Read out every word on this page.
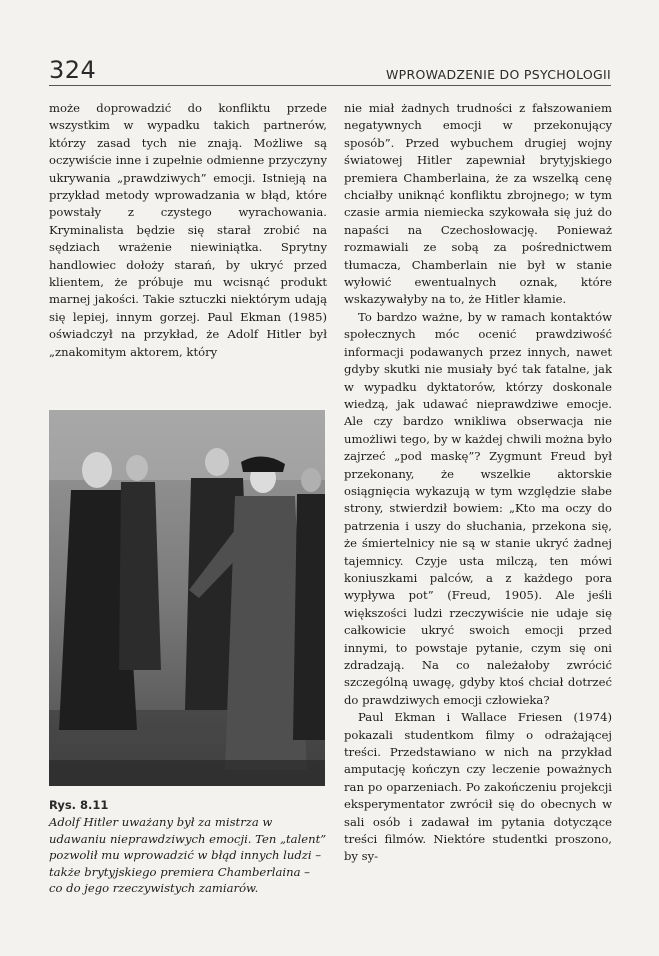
324	WPROWADZENIE DO PSYCHOLOGII

może doprowadzić do konfliktu przede wszystkim w wypadku takich partnerów, którzy zasad tych nie znają. Możliwe są oczywiście inne i zupełnie odmienne przyczyny ukrywania „prawdziwych” emocji. Istnieją na przykład metody wprowadzania w błąd, które powstały z czystego wyrachowania. Kryminalista będzie się starał zrobić na sędziach wrażenie niewiniątka. Sprytny handlowiec dołoży starań, by ukryć przed klientem, że próbuje mu wcisnąć produkt marnej jakości. Takie sztuczki niektórym udają się lepiej, innym gorzej. Paul Ekman (1985) oświadczył na przykład, że Adolf Hitler był „znakomitym aktorem, który

Rys. 8.11
Adolf Hitler uważany był za mistrza w udawaniu nieprawdziwych emocji. Ten „talent” pozwolił mu wprowadzić w błąd innych ludzi – także brytyjskiego premiera Chamberlaina – co do jego rzeczywistych zamiarów.

nie miał żadnych trudności z fałszowaniem negatywnych emocji w przekonujący sposób”. Przed wybuchem drugiej wojny światowej Hitler zapewniał brytyjskiego premiera Chamberlaina, że za wszelką cenę chciałby uniknąć konfliktu zbrojnego; w tym czasie armia niemiecka szykowała się już do napaści na Czechosłowację. Ponieważ rozmawiali ze sobą za pośrednictwem tłumacza, Chamberlain nie był w stanie wyłowić ewentualnych oznak, które wskazywałyby na to, że Hitler kłamie.

To bardzo ważne, by w ramach kontaktów społecznych móc ocenić prawdziwość informacji podawanych przez innych, nawet gdyby skutki nie musiały być tak fatalne, jak w wypadku dyktatorów, którzy doskonale wiedzą, jak udawać nieprawdziwe emocje. Ale czy bardzo wnikliwa obserwacja nie umożliwi tego, by w każdej chwili można było zajrzeć „pod maskę”? Zygmunt Freud był przekonany, że wszelkie aktorskie osiągnięcia wykazują w tym względzie słabe strony, stwierdził bowiem: „Kto ma oczy do patrzenia i uszy do słuchania, przekona się, że śmiertelnicy nie są w stanie ukryć żadnej tajemnicy. Czyje usta milczą, ten mówi koniuszkami palców, a z każdego pora wypływa pot” (Freud, 1905). Ale jeśli większości ludzi rzeczywiście nie udaje się całkowicie ukryć swoich emocji przed innymi, to powstaje pytanie, czym się oni zdradzają. Na co należałoby zwrócić szczególną uwagę, gdyby ktoś chciał dotrzeć do prawdziwych emocji człowieka?

Paul Ekman i Wallace Friesen (1974) pokazali studentkom filmy o odrażającej treści. Przedstawiano w nich na przykład amputację kończyn czy leczenie poważnych ran po oparzeniach. Po zakończeniu projekcji eksperymentator zwrócił się do obecnych w sali osób i zadawał im pytania dotyczące treści filmów. Niektóre studentki proszono, by sy-
